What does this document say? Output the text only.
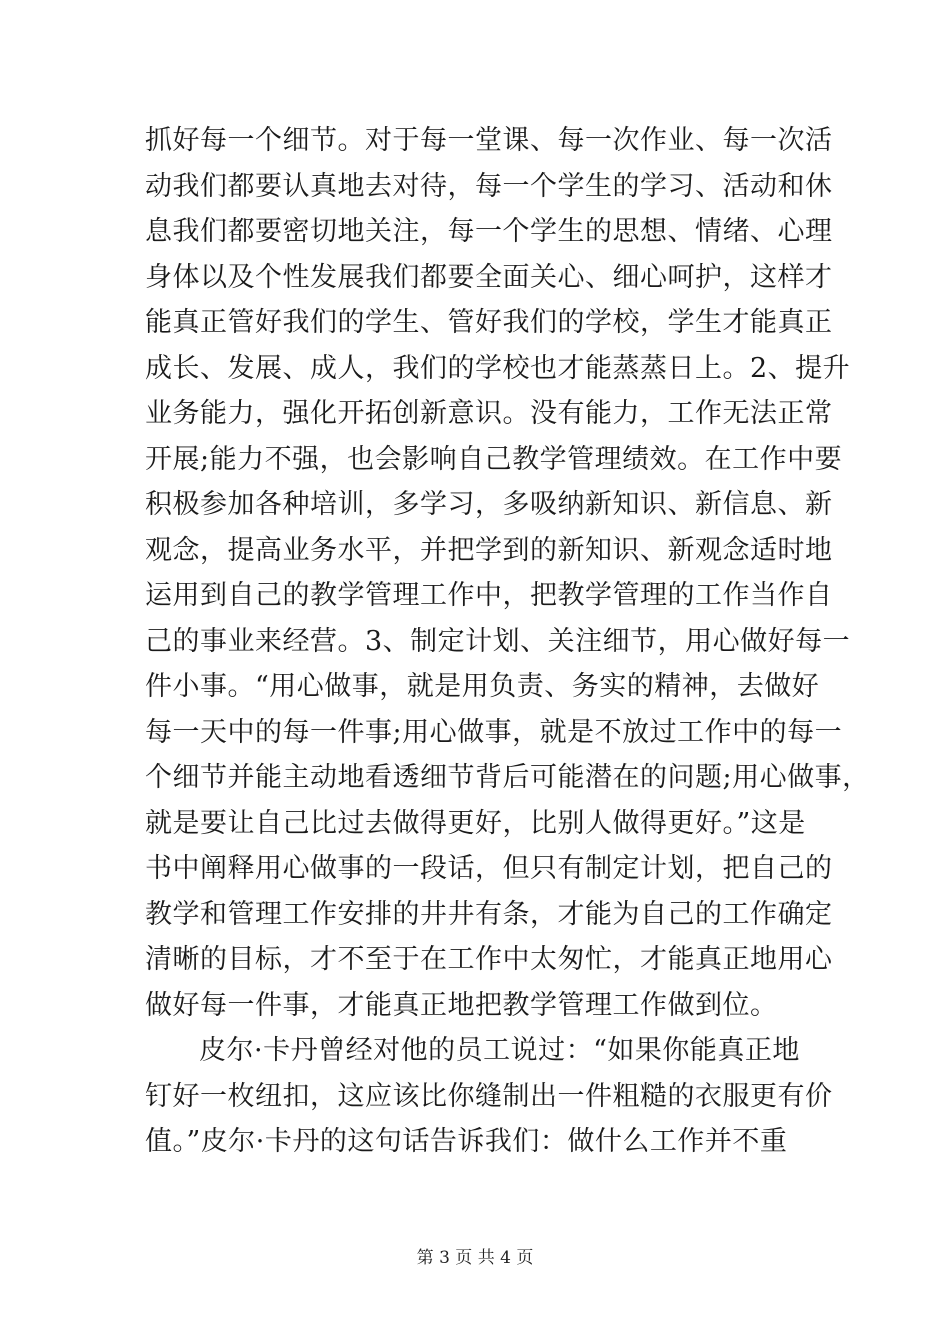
抓好每一个细节。对于每一堂课、每一次作业、每一次活
动我们都要认真地去对待，每一个学生的学习、活动和休
息我们都要密切地关注，每一个学生的思想、情绪、心理
身体以及个性发展我们都要全面关心、细心呵护，这样才
能真正管好我们的学生、管好我们的学校，学生才能真正
成长、发展、成人，我们的学校也才能蒸蒸日上。2、提升
业务能力，强化开拓创新意识。没有能力，工作无法正常
开展;能力不强，也会影响自己教学管理绩效。在工作中要
积极参加各种培训，多学习，多吸纳新知识、新信息、新
观念，提高业务水平，并把学到的新知识、新观念适时地
运用到自己的教学管理工作中，把教学管理的工作当作自
己的事业来经营。3、制定计划、关注细节，用心做好每一
件小事。“用心做事，就是用负责、务实的精神，去做好
每一天中的每一件事;用心做事，就是不放过工作中的每一
个细节并能主动地看透细节背后可能潜在的问题;用心做事，
就是要让自己比过去做得更好，比别人做得更好。”这是
书中阐释用心做事的一段话，但只有制定计划，把自己的
教学和管理工作安排的井井有条，才能为自己的工作确定
清晰的目标，才不至于在工作中太匆忙，才能真正地用心
做好每一件事，才能真正地把教学管理工作做到位。
皮尔·卡丹曾经对他的员工说过：“如果你能真正地
钉好一枚纽扣，这应该比你缝制出一件粗糙的衣服更有价
值。”皮尔·卡丹的这句话告诉我们：做什么工作并不重
第 3 页 共 4 页
